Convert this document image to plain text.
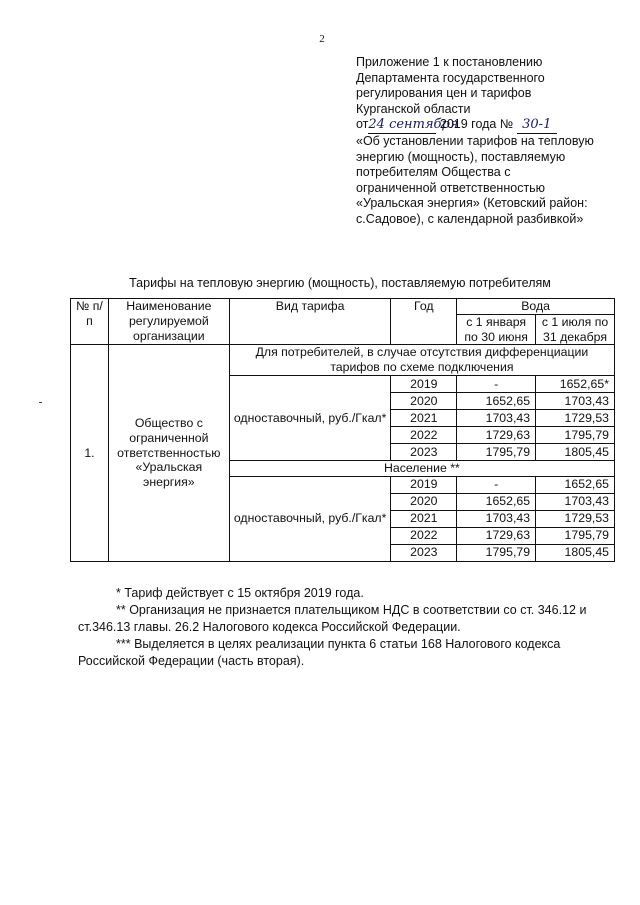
2
Приложение 1 к постановлению
Департамента государственного
регулирования цен и тарифов
Курганской области
от24 сентября 2019 года № 30-1
«Об установлении тарифов на тепловую
энергию (мощность), поставляемую
потребителям Общества с
ограниченной ответственностью
«Уральская энергия» (Кетовский район:
с.Садовое), с календарной разбивкой»
Тарифы на тепловую энергию (мощность), поставляемую потребителям
№ п/п	Наименование регулируемой организации	Вид тарифа	Год	Вода	
				с 1 января по 30 июня	с 1 июля по 31 декабря
1.	Общество с ограниченной ответственностью «Уральская энергия»	Для потребителей, в случае отсутствия дифференциации тарифов по схеме подключения			
		одноставочный, руб./Гкал*	2019	-	1652,65*
			2020	1652,65	1703,43
			2021	1703,43	1729,53
			2022	1729,63	1795,79
			2023	1795,79	1805,45
		Население **			
		одноставочный, руб./Гкал*	2019	-	1652,65
			2020	1652,65	1703,43
			2021	1703,43	1729,53
			2022	1729,63	1795,79
			2023	1795,79	1805,45

* Тариф действует с 15 октября 2019 года.

** Организация не признается плательщиком НДС в соответствии со ст. 346.12 и ст.346.13 главы. 26.2 Налогового кодекса Российской Федерации.

*** Выделяется в целях реализации пункта 6 статьи 168 Налогового кодекса Российской Федерации (часть вторая).
